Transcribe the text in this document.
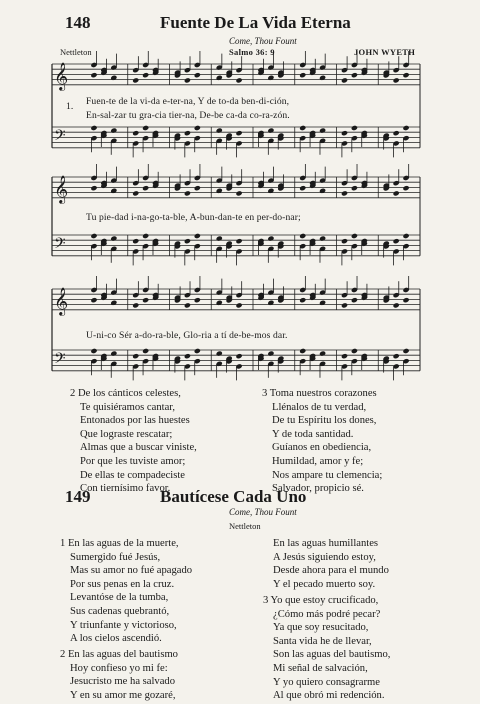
148	Fuente De La Vida Eterna
Come, Thou Fount
Nettleton	Salmo 36: 9	JOHN WYETH
𝄞
𝄢
𝄞
𝄢
𝄞
𝄢
1. Fuen-te de la vi-da e-ter-na, Y de to-da ben-di-ción,
En-sal-zar tu gra-cia tier-na, De-be ca-da co-ra-zón.
Tu pie-dad i-na-go-ta-ble, A-bun-dan-te en per-do-nar;
U-ni-co Sér a-do-ra-ble, Glo-ria a tí de-be-mos dar.
2 De los cánticos celestes,
Te quisiéramos cantar,
Entonados por las huestes
Que lograste rescatar;
Almas que a buscar viniste,
Por que les tuviste amor;
De ellas te compadeciste
Con tiernísimo favor.
3 Toma nuestros corazones
Llénalos de tu verdad,
De tu Espíritu los dones,
Y de toda santidad.
Guíanos en obediencia,
Humildad, amor y fe;
Nos ampare tu clemencia;
Salvador, propicio sé.
149	Bautícese Cada Uno
Come, Thou Fount
Nettleton
1 En las aguas de la muerte,
Sumergido fué Jesús,
Mas su amor no fué apagado
Por sus penas en la cruz.
Levantóse de la tumba,
Sus cadenas quebrantó,
Y triunfante y victorioso,
A los cielos ascendió.
2 En las aguas del bautismo
Hoy confieso yo mi fe:
Jesucristo me ha salvado
Y en su amor me gozaré,
En las aguas humillantes
A Jesús siguiendo estoy,
Desde ahora para el mundo
Y el pecado muerto soy.
3 Yo que estoy crucificado,
¿Cómo más podré pecar?
Ya que soy resucitado,
Santa vida he de llevar,
Son las aguas del bautismo,
Mi señal de salvación,
Y yo quiero consagrarme
Al que obró mi redención.
